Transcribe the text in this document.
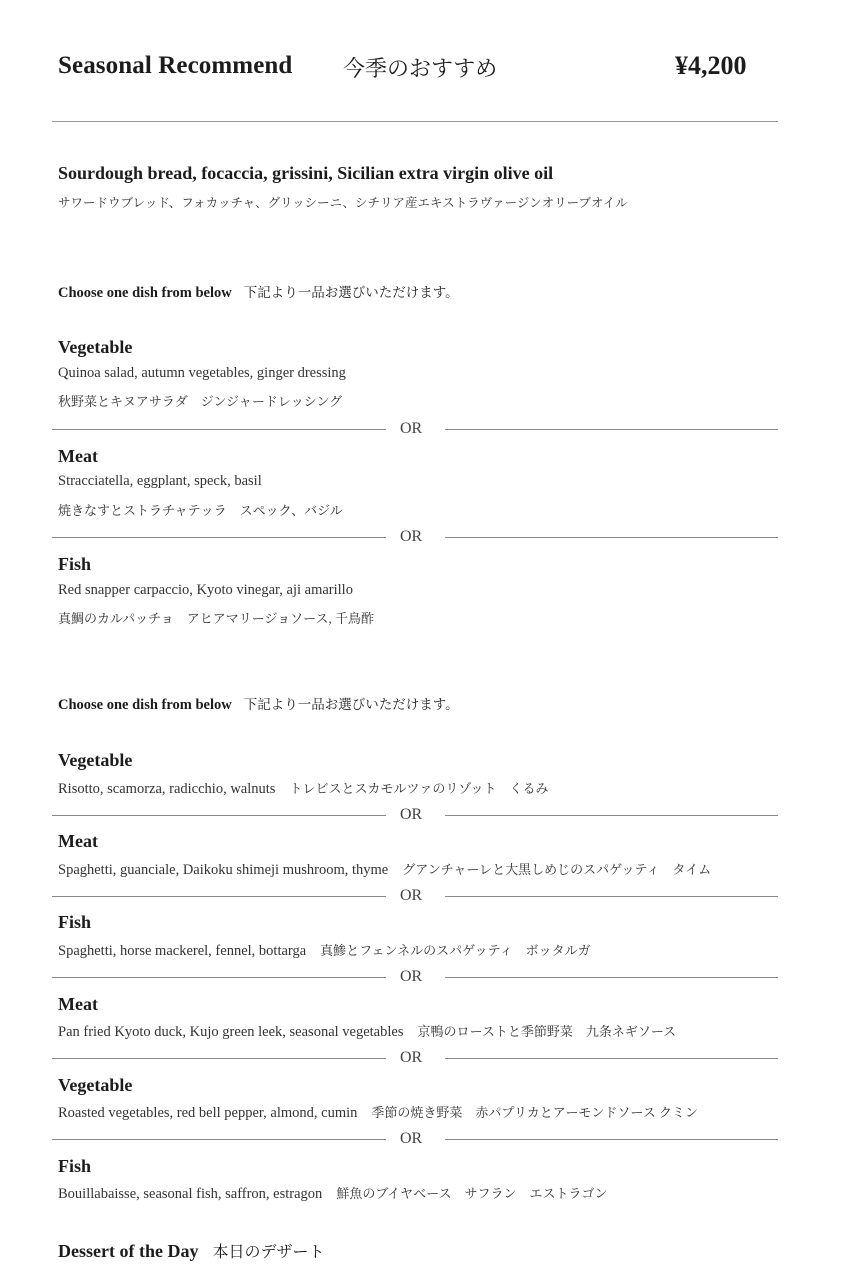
Seasonal Recommend 今季のおすすめ	¥4,200
Sourdough bread, focaccia, grissini, Sicilian extra virgin olive oil
サワードウブレッド、フォカッチャ、グリッシーニ、シチリア産エキストラヴァージンオリーブオイル
Choose one dish from below 下記より一品お選びいただけます。
Vegetable
Quinoa salad, autumn vegetables, ginger dressing
秋野菜とキヌアサラダ　ジンジャードレッシング
OR
Meat
Stracciatella, eggplant, speck, basil
焼きなすとストラチャテッラ　スペック、バジル
OR
Fish
Red snapper carpaccio, Kyoto vinegar, aji amarillo
真鯛のカルパッチョ　アヒアマリージョソース, 千鳥酢
Choose one dish from below 下記より一品お選びいただけます。
Vegetable
Risotto, scamorza, radicchio, walnuts トレビスとスカモルツァのリゾット　くるみ
OR
Meat
Spaghetti, guanciale, Daikoku shimeji mushroom, thyme グアンチャーレと大黒しめじのスパゲッティ　タイム
OR
Fish
Spaghetti, horse mackerel, fennel, bottarga 真鯵とフェンネルのスパゲッティ　ボッタルガ
OR
Meat
Pan fried Kyoto duck, Kujo green leek, seasonal vegetables 京鴨のローストと季節野菜　九条ネギソース
OR
Vegetable
Roasted vegetables, red bell pepper, almond, cumin 季節の焼き野菜　赤パプリカとアーモンドソース クミン
OR
Fish
Bouillabaisse, seasonal fish, saffron, estragon 鮮魚のブイヤベース　サフラン　エストラゴン
Dessert of the Day 本日のデザート
